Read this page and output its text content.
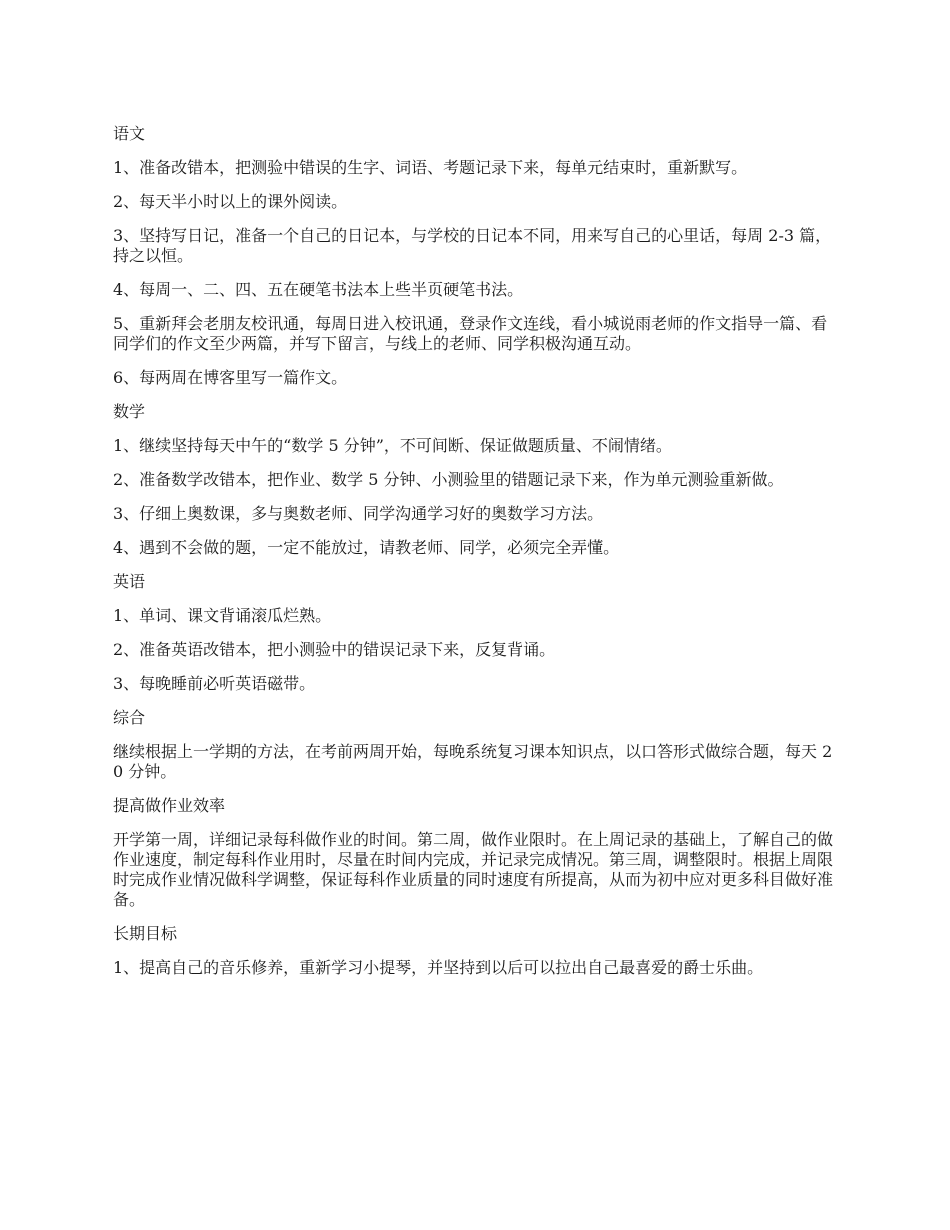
语文

1、准备改错本，把测验中错误的生字、词语、考题记录下来，每单元结束时，重新默写。

2、每天半小时以上的课外阅读。

3、坚持写日记，准备一个自己的日记本，与学校的日记本不同，用来写自己的心里话，每周 2-3 篇，持之以恒。

4、每周一、二、四、五在硬笔书法本上些半页硬笔书法。

5、重新拜会老朋友校讯通，每周日进入校讯通，登录作文连线，看小城说雨老师的作文指导一篇、看同学们的作文至少两篇，并写下留言，与线上的老师、同学积极沟通互动。

6、每两周在博客里写一篇作文。

数学

1、继续坚持每天中午的“数学 5 分钟”，不可间断、保证做题质量、不闹情绪。

2、准备数学改错本，把作业、数学 5 分钟、小测验里的错题记录下来，作为单元测验重新做。

3、仔细上奥数课，多与奥数老师、同学沟通学习好的奥数学习方法。

4、遇到不会做的题，一定不能放过，请教老师、同学，必须完全弄懂。

英语

1、单词、课文背诵滚瓜烂熟。

2、准备英语改错本，把小测验中的错误记录下来，反复背诵。

3、每晚睡前必听英语磁带。

综合

继续根据上一学期的方法，在考前两周开始，每晚系统复习课本知识点，以口答形式做综合题，每天 20 分钟。

提高做作业效率

开学第一周，详细记录每科做作业的时间。第二周，做作业限时。在上周记录的基础上，了解自己的做作业速度，制定每科作业用时，尽量在时间内完成，并记录完成情况。第三周，调整限时。根据上周限时完成作业情况做科学调整，保证每科作业质量的同时速度有所提高，从而为初中应对更多科目做好准备。

长期目标

1、提高自己的音乐修养，重新学习小提琴，并坚持到以后可以拉出自己最喜爱的爵士乐曲。
